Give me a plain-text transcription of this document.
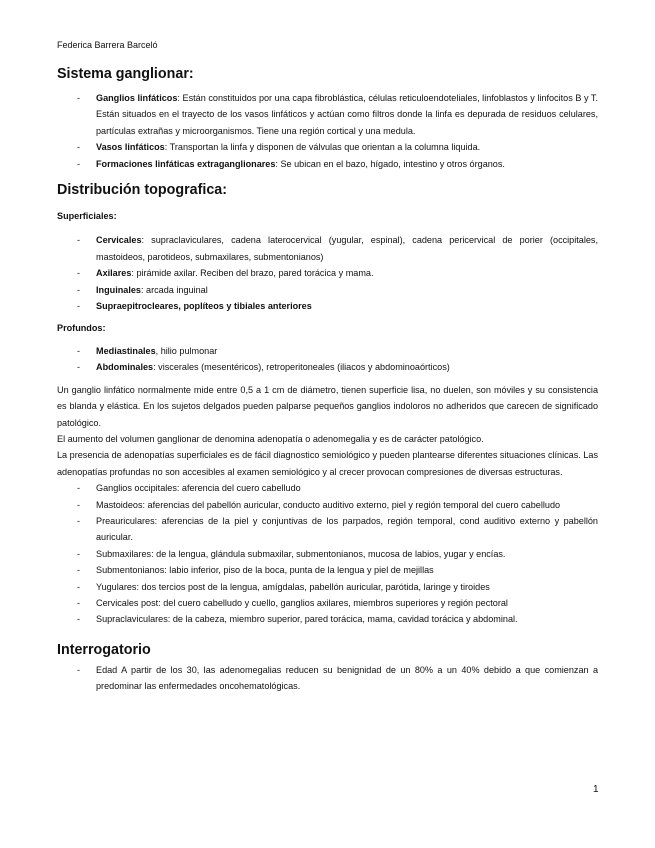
Federica Barrera Barceló
Sistema ganglionar:
- Ganglios linfáticos: Están constituidos por una capa fibroblástica, células reticuloendoteliales, linfoblastos y linfocitos B y T. Están situados en el trayecto de los vasos linfáticos y actúan como filtros donde la linfa es depurada de residuos celulares, partículas extrañas y microorganismos. Tiene una región cortical y una medula.
- Vasos linfáticos: Transportan la linfa y disponen de válvulas que orientan a la columna liquida.
- Formaciones linfáticas extraganglionares: Se ubican en el bazo, hígado, intestino y otros órganos.
Distribución topografica:

Superficiales:

- Cervicales: supraclaviculares, cadena laterocervical (yugular, espinal), cadena pericervical de porier (occipitales, mastoideos, parotideos, submaxilares, submentonianos)
- Axilares: pirámide axilar. Reciben del brazo, pared torácica y mama.
- Inguinales: arcada inguinal
- Supraepitrocleares, poplíteos y tibiales anteriores

Profundos:

- Mediastinales, hilio pulmonar
- Abdominales: viscerales (mesentéricos), retroperitoneales (iliacos y abdominoaórticos)

Un ganglio linfático normalmente mide entre 0,5 a 1 cm de diámetro, tienen superficie lisa, no duelen, son móviles y su consistencia es blanda y elástica. En los sujetos delgados pueden palparse pequeños ganglios indoloros no adheridos que carecen de significado patológico.

El aumento del volumen ganglionar de denomina adenopatía o adenomegalia y es de carácter patológico.

La presencia de adenopatías superficiales es de fácil diagnostico semiológico y pueden plantearse diferentes situaciones clínicas. Las adenopatías profundas no son accesibles al examen semiológico y al crecer provocan compresiones de diversas estructuras.

- Ganglios occipitales: aferencia del cuero cabelludo
- Mastoideos: aferencias del pabellón auricular, conducto auditivo externo, piel y región temporal del cuero cabelludo
- Preauriculares: aferencias de la piel y conjuntivas de los parpados, región temporal, cond auditivo externo y pabellón auricular.
- Submaxilares: de la lengua, glándula submaxilar, submentonianos, mucosa de labios, yugar y encías.
- Submentonianos: labio inferior, piso de la boca, punta de la lengua y piel de mejillas
- Yugulares: dos tercios post de la lengua, amígdalas, pabellón auricular, parótida, laringe y tiroides
- Cervicales post: del cuero cabelludo y cuello, ganglios axilares, miembros superiores y región pectoral
- Supraclaviculares: de la cabeza, miembro superior, pared torácica, mama, cavidad torácica y abdominal.
Interrogatorio
- Edad A partir de los 30, las adenomegalias reducen su benignidad de un 80% a un 40% debido a que comienzan a predominar las enfermedades oncohematológicas.
1
